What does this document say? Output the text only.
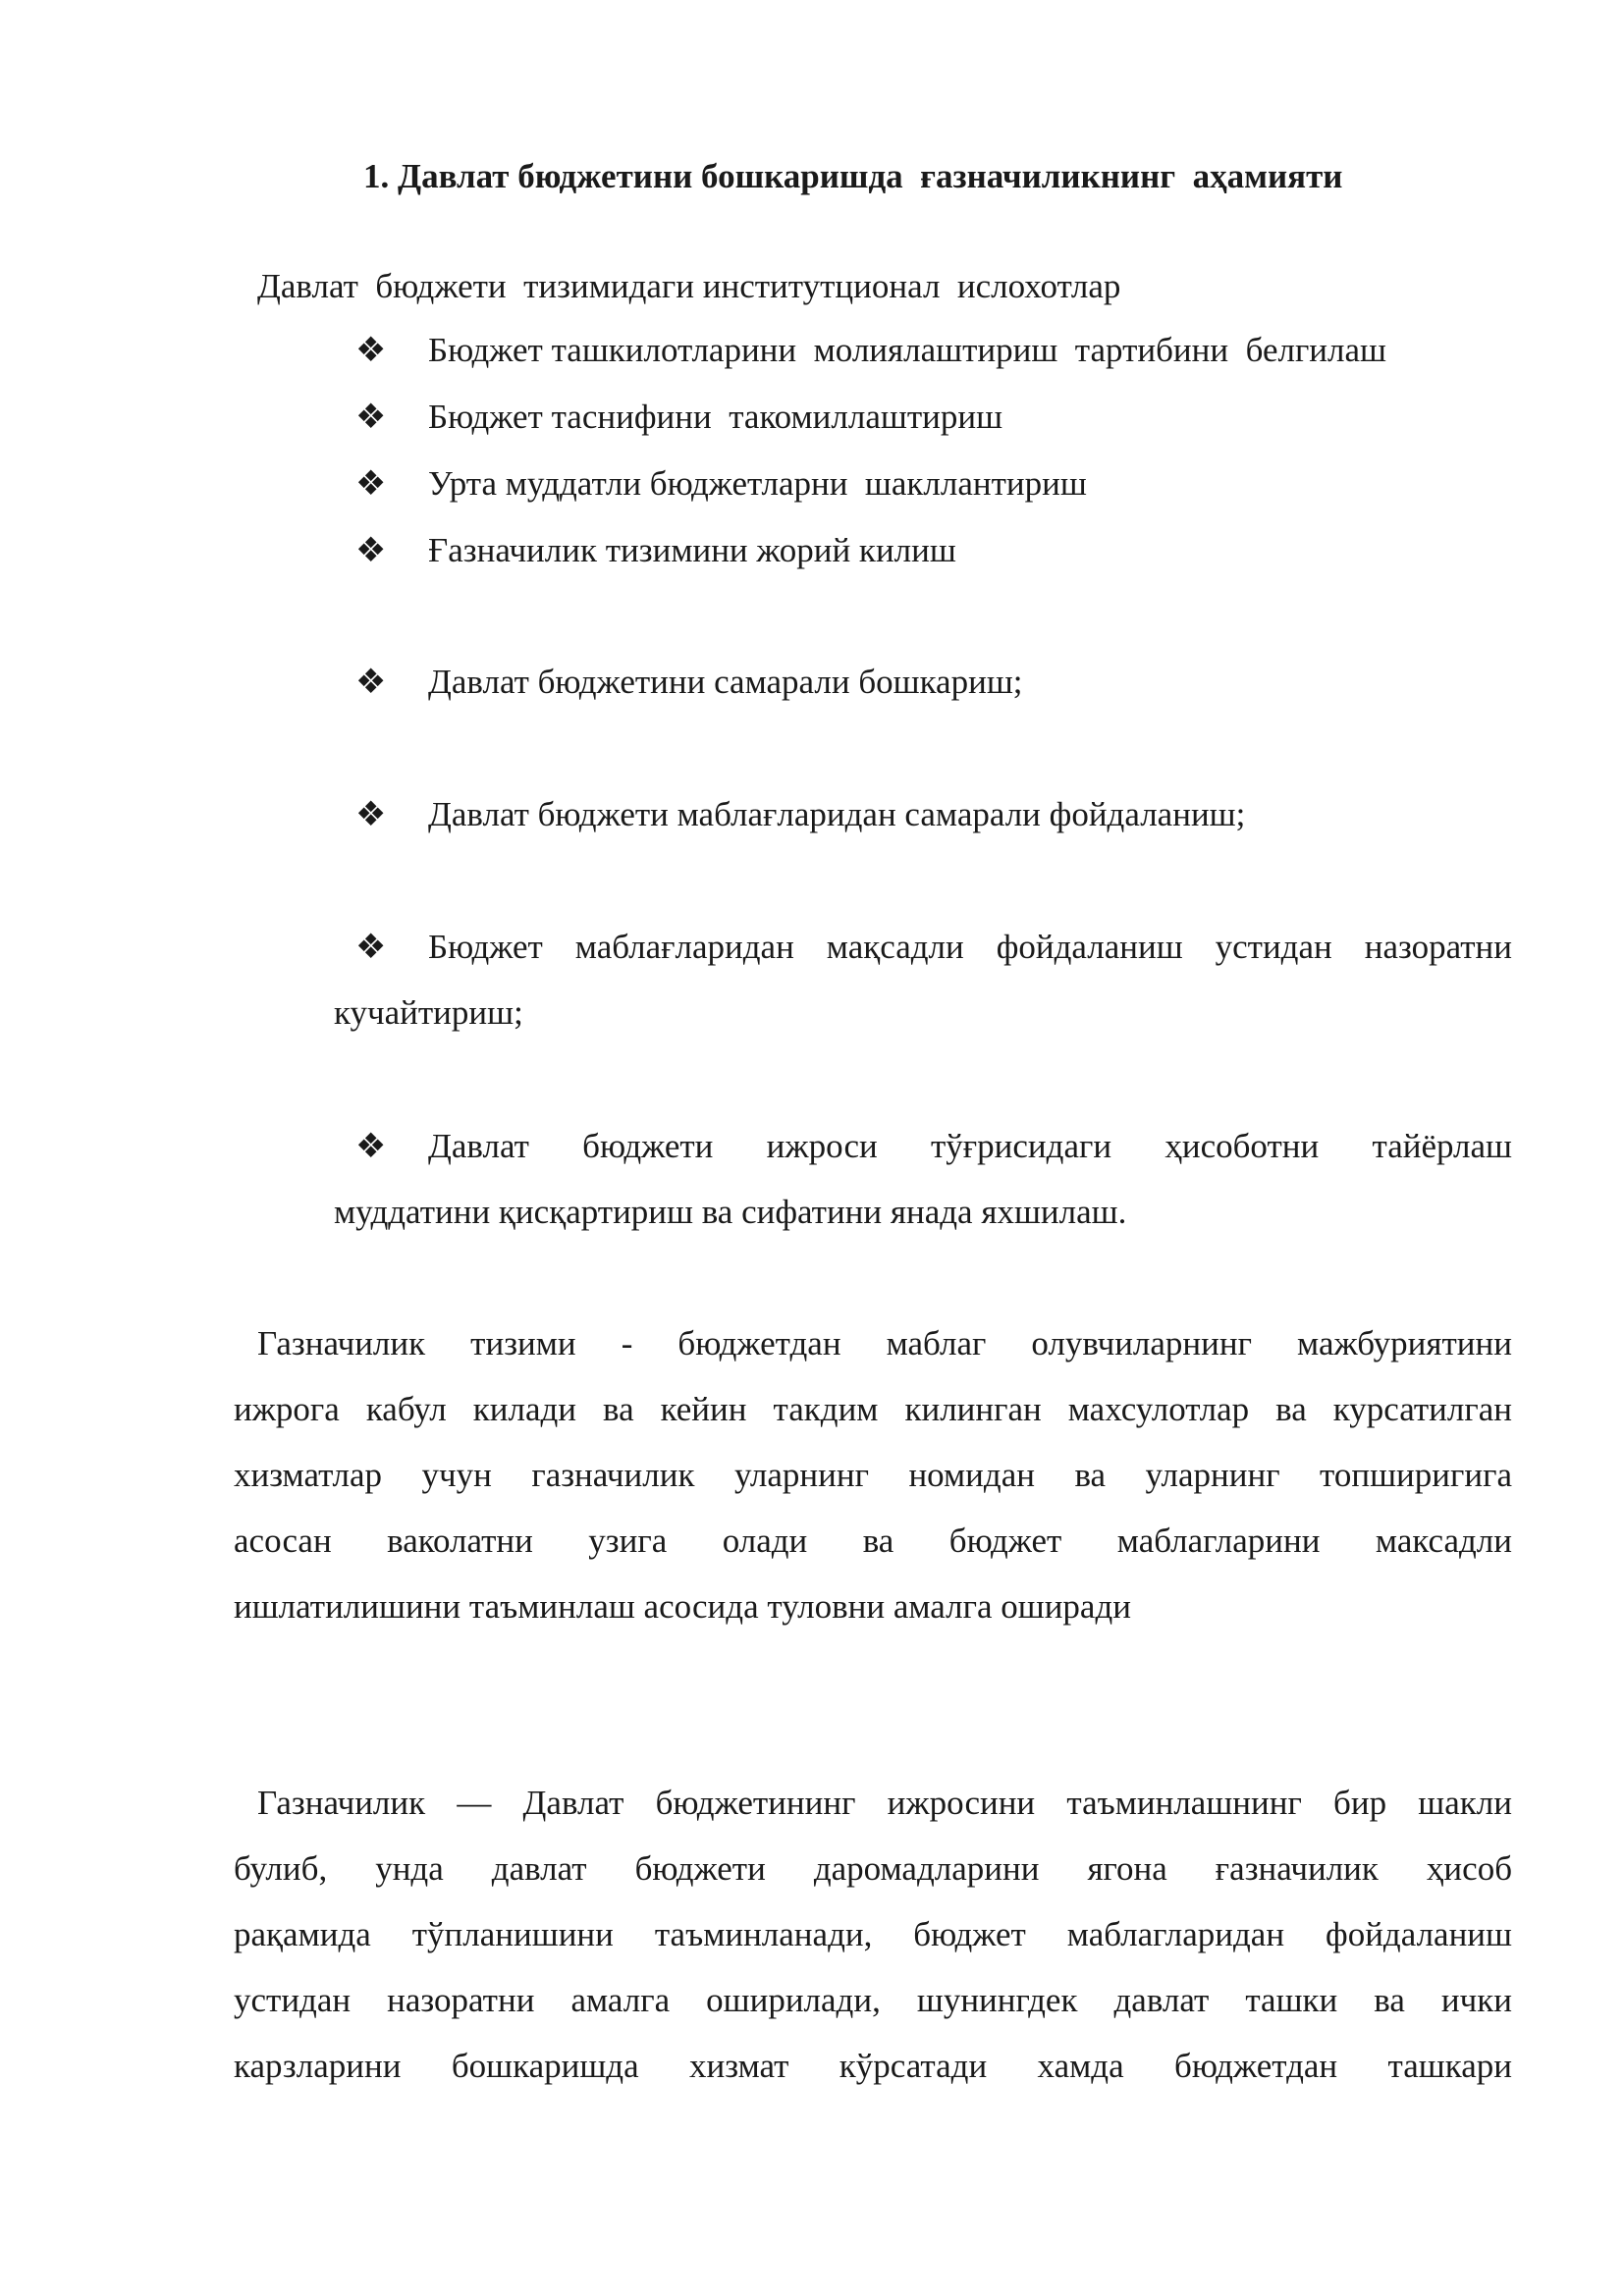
1. Давлат бюджетини бошкаришда  ғазначиликнинг  аҳамияти

Давлат  бюджети  тизимидаги институтционал  ислохотлар

❖ Бюджет ташкилотларини  молиялаштириш  тартибини  белгилаш
❖ Бюджет таснифини  такомиллаштириш
❖ Урта муддатли бюджетларни  шакллантириш
❖ Ғазначилик тизимини жорий килиш
❖ Давлат бюджетини самарали бошкариш;
❖ Давлат бюджети маблағларидан самарали фойдаланиш;
❖ Бюджет маблағларидан мақсадли фойдаланиш устидан назоратни
кучайтириш;
❖ Давлат бюджети ижроси тўғрисидаги ҳисоботни тайёрлаш
муддатини қисқартириш ва сифатини янада яхшилаш.

Газначилик тизими - бюджетдан маблаг олувчиларнинг мажбуриятини

ижрога кабул килади ва кейин такдим килинган махсулотлар ва курсатилган

хизматлар учун газначилик уларнинг номидан ва уларнинг топширигига

асосан ваколатни узига олади ва бюджет маблагларини максадли

ишлатилишини таъминлаш асосида туловни амалга оширади

Газначилик — Давлат бюджетининг ижросини таъминлашнинг бир шакли

булиб, унда давлат бюджети даромадларини ягона ғазначилик ҳисоб

рақамида тўпланишини таъминланади, бюджет маблагларидан фойдаланиш

устидан назоратни амалга оширилади, шунингдек давлат ташки ва ички

карзларини бошкаришда хизмат кўрсатади хамда бюджетдан ташкари
